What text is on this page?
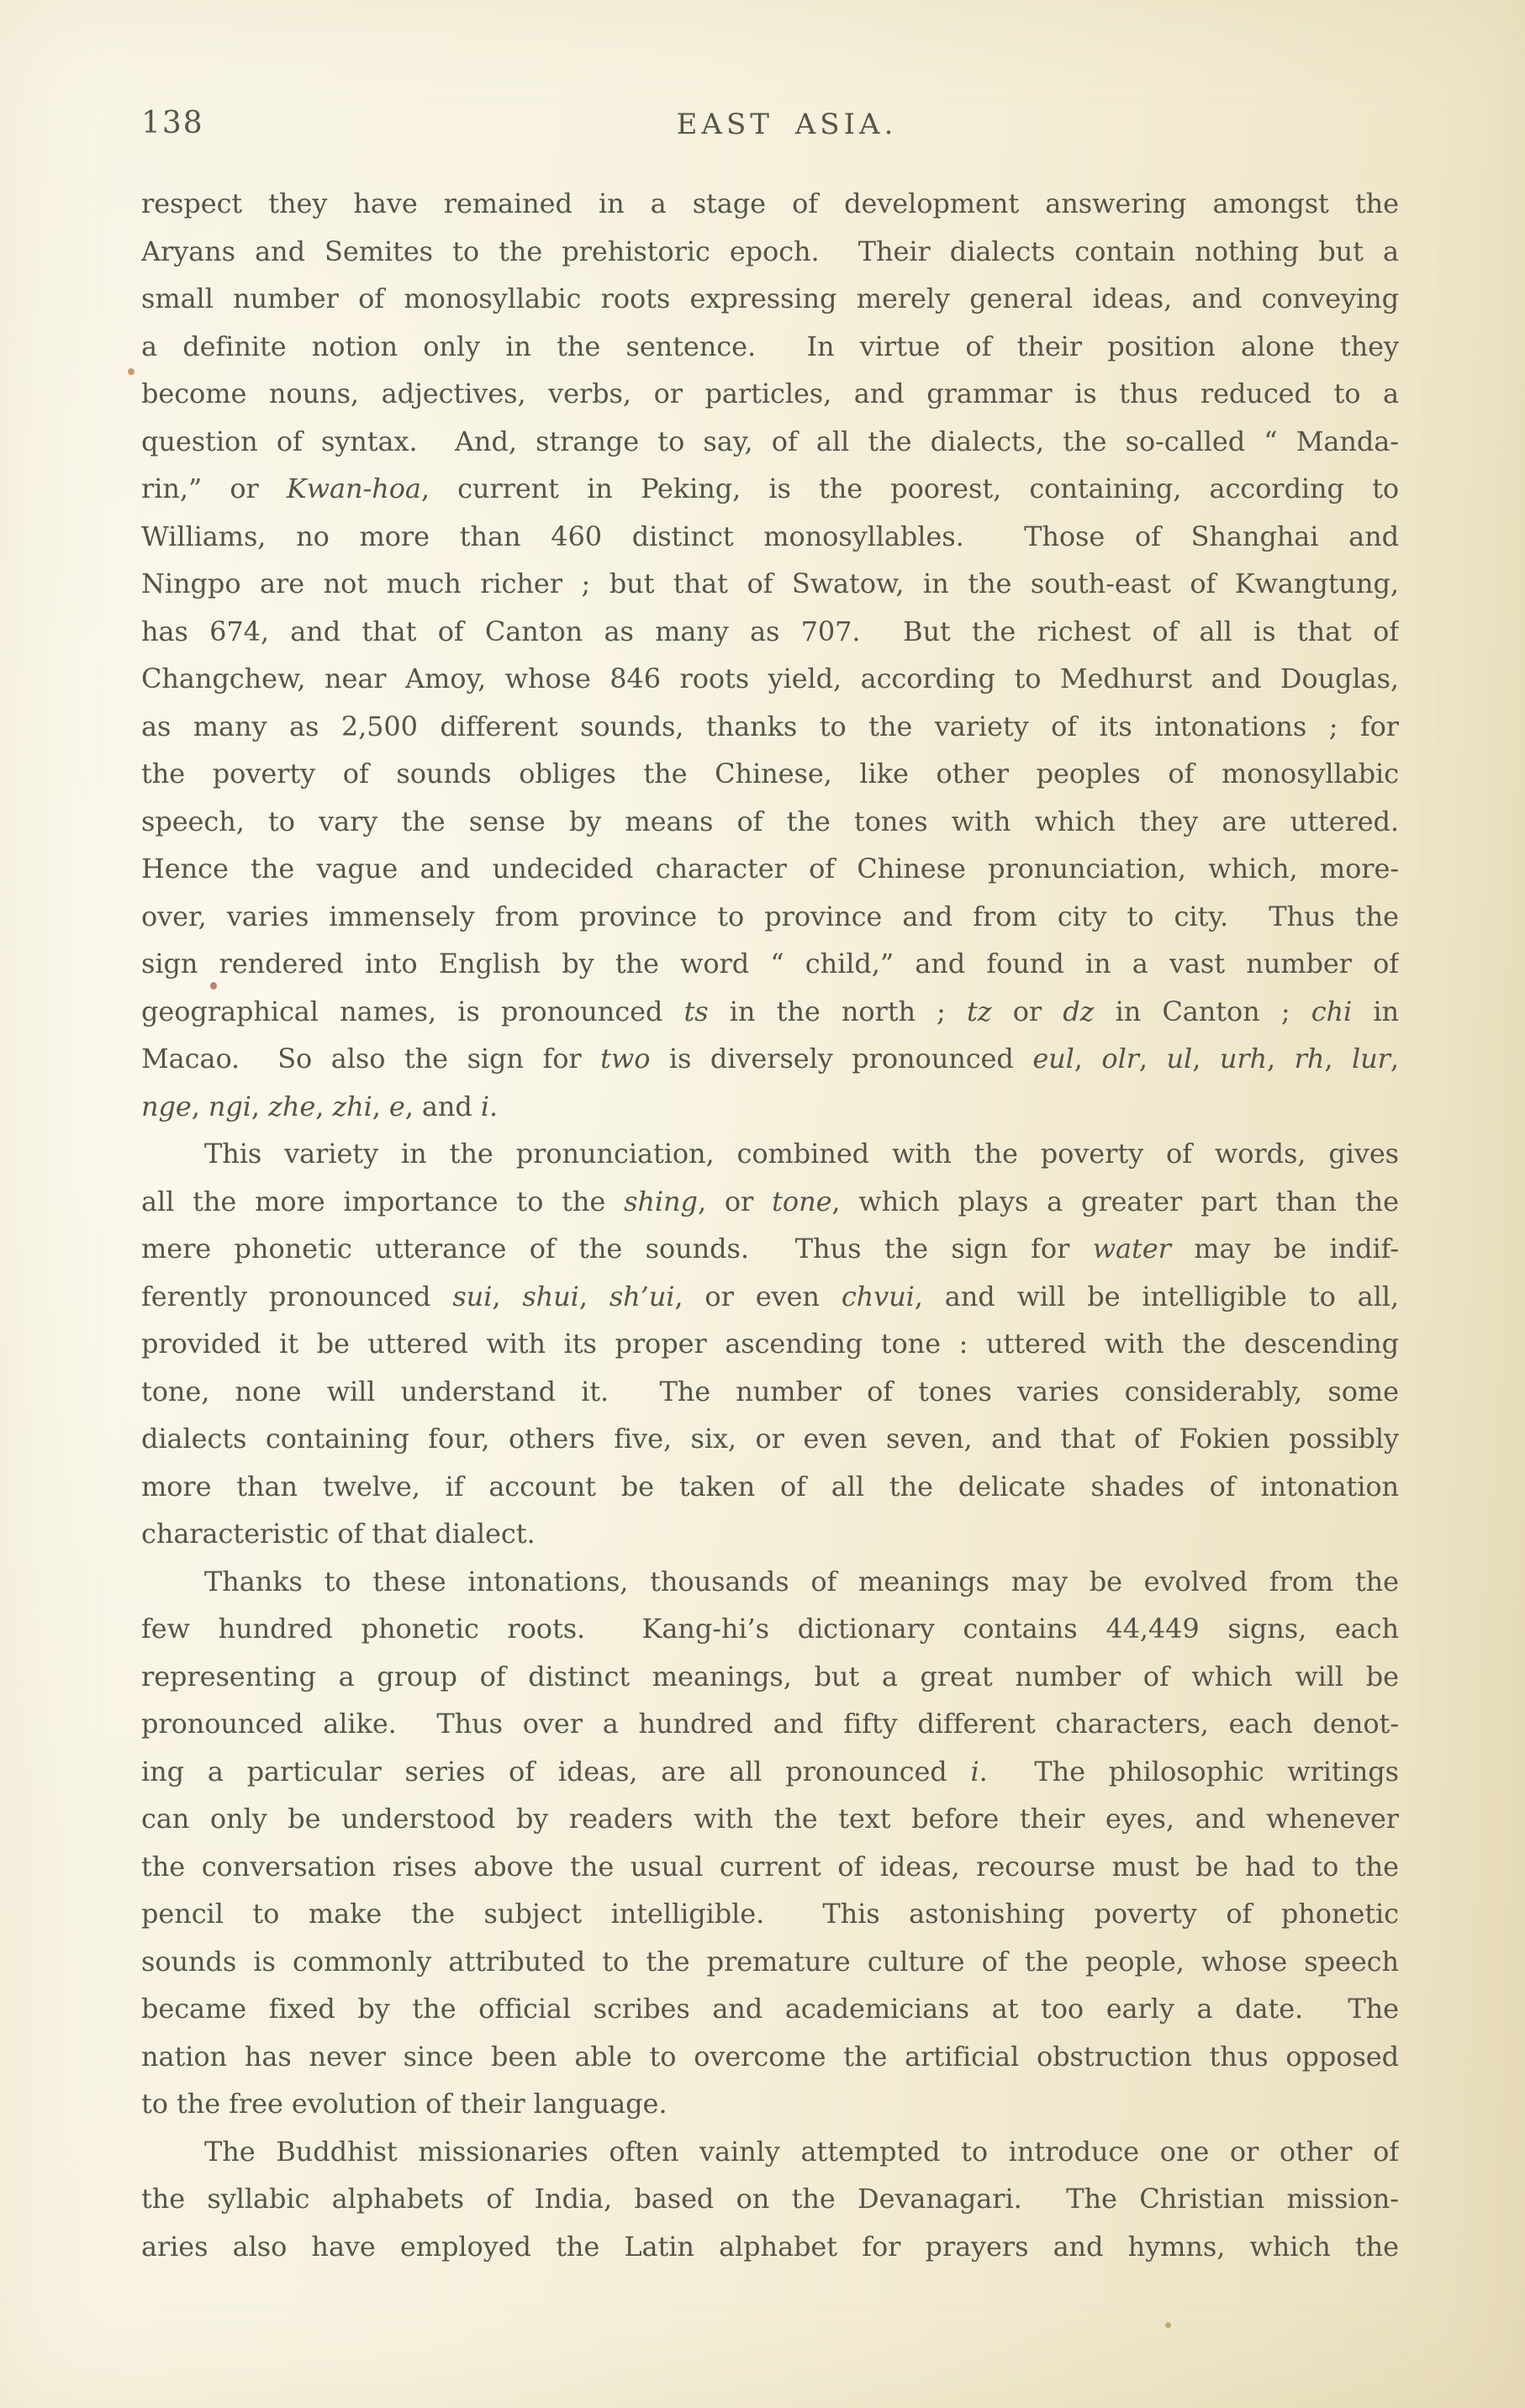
138	EAST ASIA.
respect they have remained in a stage of development answering amongst the
Aryans and Semites to the prehistoric epoch.  Their dialects contain nothing but a
small number of monosyllabic roots expressing merely general ideas, and conveying
a definite notion only in the sentence.  In virtue of their position alone they
become nouns, adjectives, verbs, or particles, and grammar is thus reduced to a
question of syntax.  And, strange to say, of all the dialects, the so-called “ Manda-
rin,” or Kwan-hoa, current in Peking, is the poorest, containing, according to
Williams, no more than 460 distinct monosyllables.  Those of Shanghai and
Ningpo are not much richer ; but that of Swatow, in the south-east of Kwangtung,
has 674, and that of Canton as many as 707.  But the richest of all is that of
Changchew, near Amoy, whose 846 roots yield, according to Medhurst and Douglas,
as many as 2,500 different sounds, thanks to the variety of its intonations ; for
the poverty of sounds obliges the Chinese, like other peoples of monosyllabic
speech, to vary the sense by means of the tones with which they are uttered.
Hence the vague and undecided character of Chinese pronunciation, which, more-
over, varies immensely from province to province and from city to city.  Thus the
sign rendered into English by the word “ child,” and found in a vast number of
geographical names, is pronounced ts in the north ; tz or dz in Canton ; chi in
Macao.  So also the sign for two is diversely pronounced eul, olr, ul, urh, rh, lur,
nge, ngi, zhe, zhi, e, and i.
This variety in the pronunciation, combined with the poverty of words, gives
all the more importance to the shing, or tone, which plays a greater part than the
mere phonetic utterance of the sounds.  Thus the sign for water may be indif-
ferently pronounced sui, shui, sh’ui, or even chvui, and will be intelligible to all,
provided it be uttered with its proper ascending tone : uttered with the descending
tone, none will understand it.  The number of tones varies considerably, some
dialects containing four, others five, six, or even seven, and that of Fokien possibly
more than twelve, if account be taken of all the delicate shades of intonation
characteristic of that dialect.
Thanks to these intonations, thousands of meanings may be evolved from the
few hundred phonetic roots.  Kang-hi’s dictionary contains 44,449 signs, each
representing a group of distinct meanings, but a great number of which will be
pronounced alike.  Thus over a hundred and fifty different characters, each denot-
ing a particular series of ideas, are all pronounced i.  The philosophic writings
can only be understood by readers with the text before their eyes, and whenever
the conversation rises above the usual current of ideas, recourse must be had to the
pencil to make the subject intelligible.  This astonishing poverty of phonetic
sounds is commonly attributed to the premature culture of the people, whose speech
became fixed by the official scribes and academicians at too early a date.  The
nation has never since been able to overcome the artificial obstruction thus opposed
to the free evolution of their language.
The Buddhist missionaries often vainly attempted to introduce one or other of
the syllabic alphabets of India, based on the Devanagari.  The Christian mission-
aries also have employed the Latin alphabet for prayers and hymns, which the
